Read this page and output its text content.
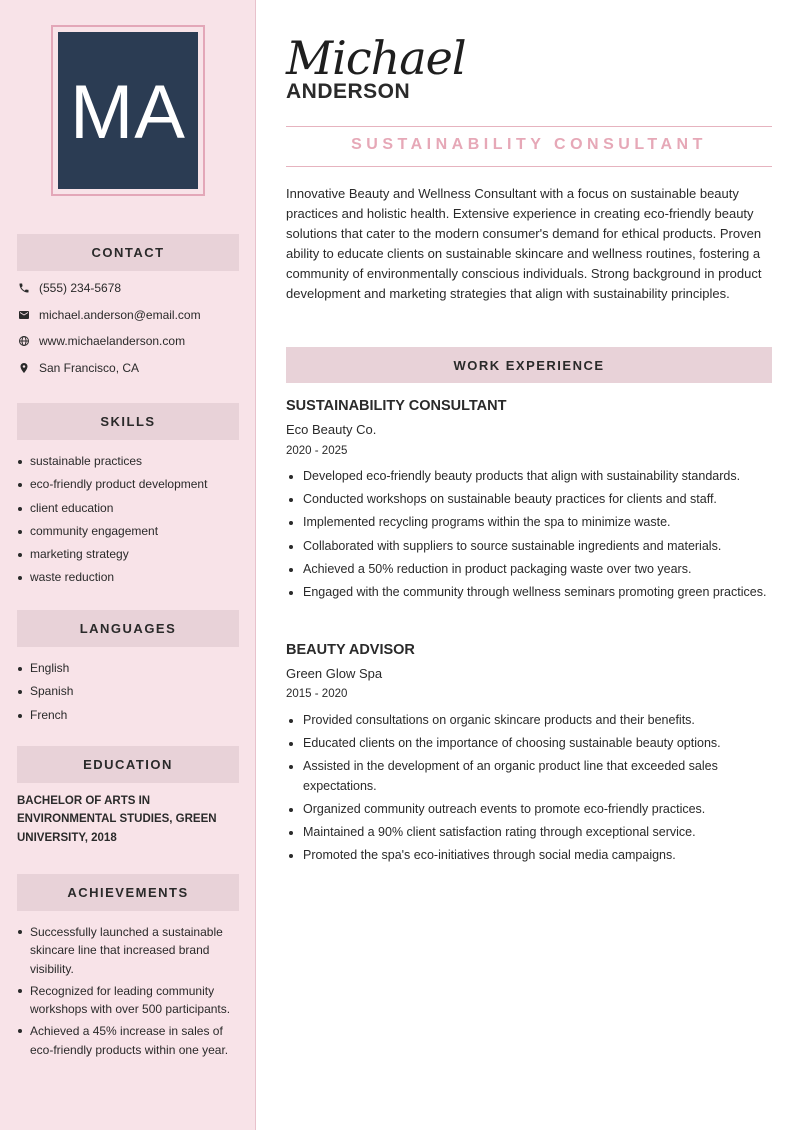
MA
CONTACT
(555) 234-5678
michael.anderson@email.com
www.michaelanderson.com
San Francisco, CA
SKILLS
sustainable practices
eco-friendly product development
client education
community engagement
marketing strategy
waste reduction
LANGUAGES
English
Spanish
French
EDUCATION
BACHELOR OF ARTS IN ENVIRONMENTAL STUDIES, GREEN UNIVERSITY, 2018
ACHIEVEMENTS
Successfully launched a sustainable skincare line that increased brand visibility.
Recognized for leading community workshops with over 500 participants.
Achieved a 45% increase in sales of eco-friendly products within one year.
Michael
ANDERSON
SUSTAINABILITY CONSULTANT
Innovative Beauty and Wellness Consultant with a focus on sustainable beauty practices and holistic health. Extensive experience in creating eco-friendly beauty solutions that cater to the modern consumer's demand for ethical products. Proven ability to educate clients on sustainable skincare and wellness routines, fostering a community of environmentally conscious individuals. Strong background in product development and marketing strategies that align with sustainability principles.
WORK EXPERIENCE
SUSTAINABILITY CONSULTANT
Eco Beauty Co.
2020 - 2025
Developed eco-friendly beauty products that align with sustainability standards.
Conducted workshops on sustainable beauty practices for clients and staff.
Implemented recycling programs within the spa to minimize waste.
Collaborated with suppliers to source sustainable ingredients and materials.
Achieved a 50% reduction in product packaging waste over two years.
Engaged with the community through wellness seminars promoting green practices.
BEAUTY ADVISOR
Green Glow Spa
2015 - 2020
Provided consultations on organic skincare products and their benefits.
Educated clients on the importance of choosing sustainable beauty options.
Assisted in the development of an organic product line that exceeded sales expectations.
Organized community outreach events to promote eco-friendly practices.
Maintained a 90% client satisfaction rating through exceptional service.
Promoted the spa's eco-initiatives through social media campaigns.
